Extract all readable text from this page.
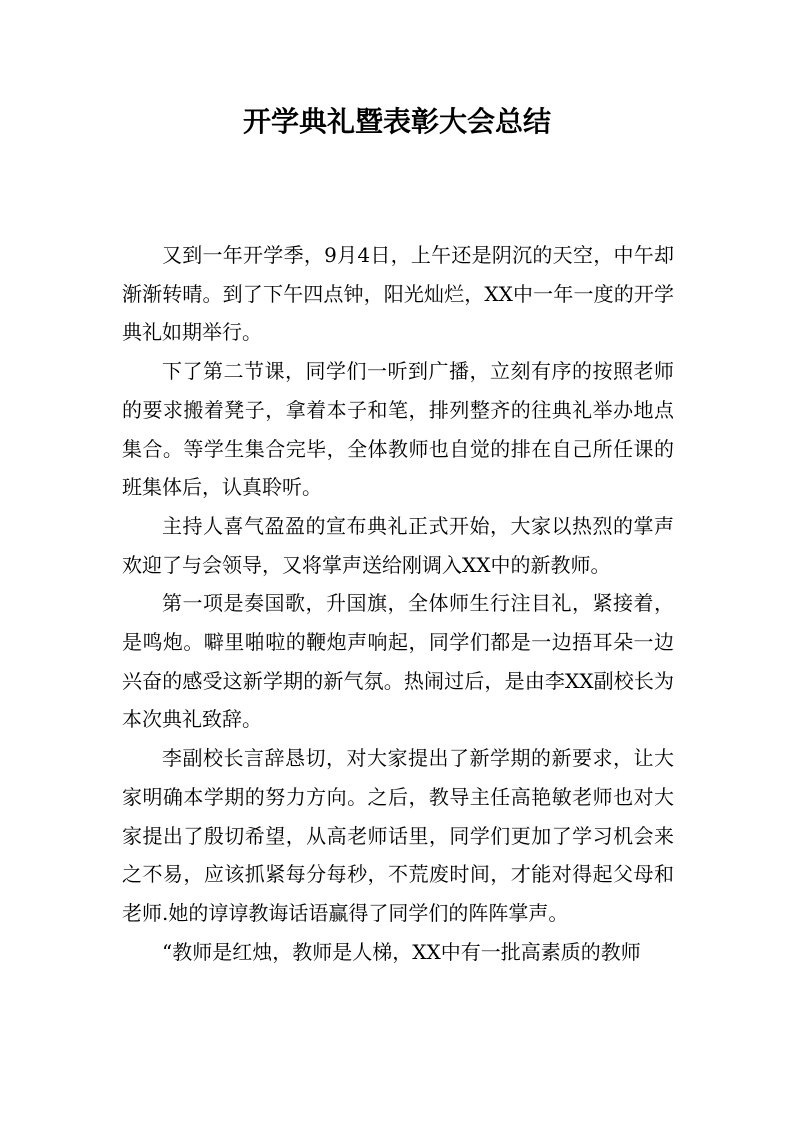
开学典礼暨表彰大会总结

又到一年开学季，9月4日，上午还是阴沉的天空，中午却渐渐转晴。到了下午四点钟，阳光灿烂，XX中一年一度的开学典礼如期举行。

下了第二节课，同学们一听到广播，立刻有序的按照老师的要求搬着凳子，拿着本子和笔，排列整齐的往典礼举办地点集合。等学生集合完毕，全体教师也自觉的排在自己所任课的班集体后，认真聆听。

主持人喜气盈盈的宣布典礼正式开始，大家以热烈的掌声欢迎了与会领导，又将掌声送给刚调入XX中的新教师。

第一项是奏国歌，升国旗，全体师生行注目礼，紧接着，是鸣炮。噼里啪啦的鞭炮声响起，同学们都是一边捂耳朵一边兴奋的感受这新学期的新气氛。热闹过后，是由李XX副校长为本次典礼致辞。

李副校长言辞恳切，对大家提出了新学期的新要求，让大家明确本学期的努力方向。之后，教导主任高艳敏老师也对大家提出了殷切希望，从高老师话里，同学们更加了学习机会来之不易，应该抓紧每分每秒，不荒废时间，才能对得起父母和老师.她的谆谆教诲话语赢得了同学们的阵阵掌声。

“教师是红烛，教师是人梯，XX中有一批高素质的教师
